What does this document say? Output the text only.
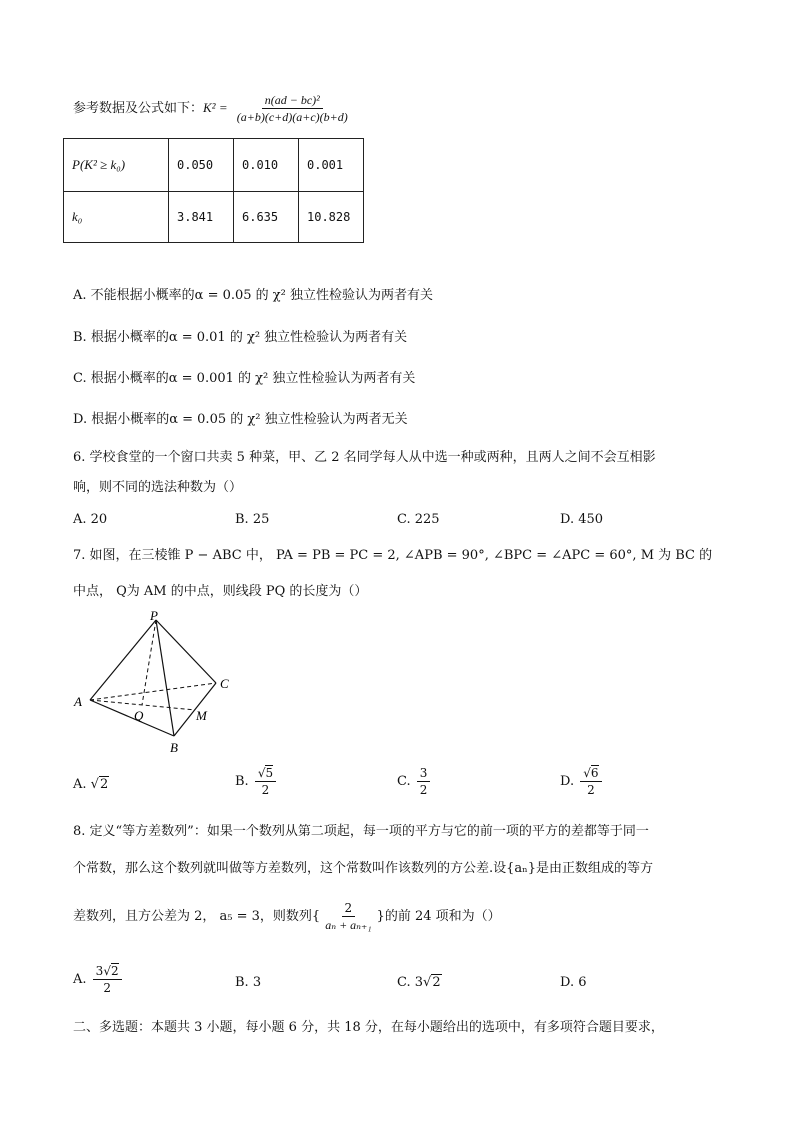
参考数据及公式如下：$K^2 = \frac{\text{n(ad − bc)²}}{(a+b)(c+d)(a+c)(b+d)}$
P(K² ≥ k₀)	0.050	0.010	0.001
k₀	3.841	6.635	10.828
A. 不能根据小概率的α = 0.05 的 χ² 独立性检验认为两者有关
B. 根据小概率的α = 0.01 的 χ² 独立性检验认为两者有关
C. 根据小概率的α = 0.001 的 χ² 独立性检验认为两者有关
D. 根据小概率的α = 0.05 的 χ² 独立性检验认为两者无关
6. 学校食堂的一个窗口共卖 5 种菜，甲、乙 2 名同学每人从中选一种或两种，且两人之间不会互相影
响，则不同的选法种数为（）
A. 20	B. 25	C. 225	D. 450
7. 如图，在三棱锥 P − ABC 中， PA = PB = PC = 2, ∠APB = 90°, ∠BPC = ∠APC = 60°, M 为 BC 的
中点， Q为 AM 的中点，则线段 PQ 的长度为（）
P
A
B
C
M
Q
A. √2	B. $\frac{√5}{2}$	C. $\frac{3}{2}$	D. $\frac{√6}{2}$
8. 定义“等方差数列”：如果一个数列从第二项起，每一项的平方与它的前一项的平方的差都等于同一
个常数，那么这个数列就叫做等方差数列，这个常数叫作该数列的方公差.设{aₙ}是由正数组成的等方
差数列，且方公差为 2， a₅ = 3，则数列{ $\frac{2}{\text{aₙ + aₙ₊₁}}$ }的前 24 项和为（）
A. $\frac{3√2}{2}$	B. 3	C. 3√2	D. 6
二、多选题：本题共 3 小题，每小题 6 分，共 18 分，在每小题给出的选项中，有多项符合题目要求，
